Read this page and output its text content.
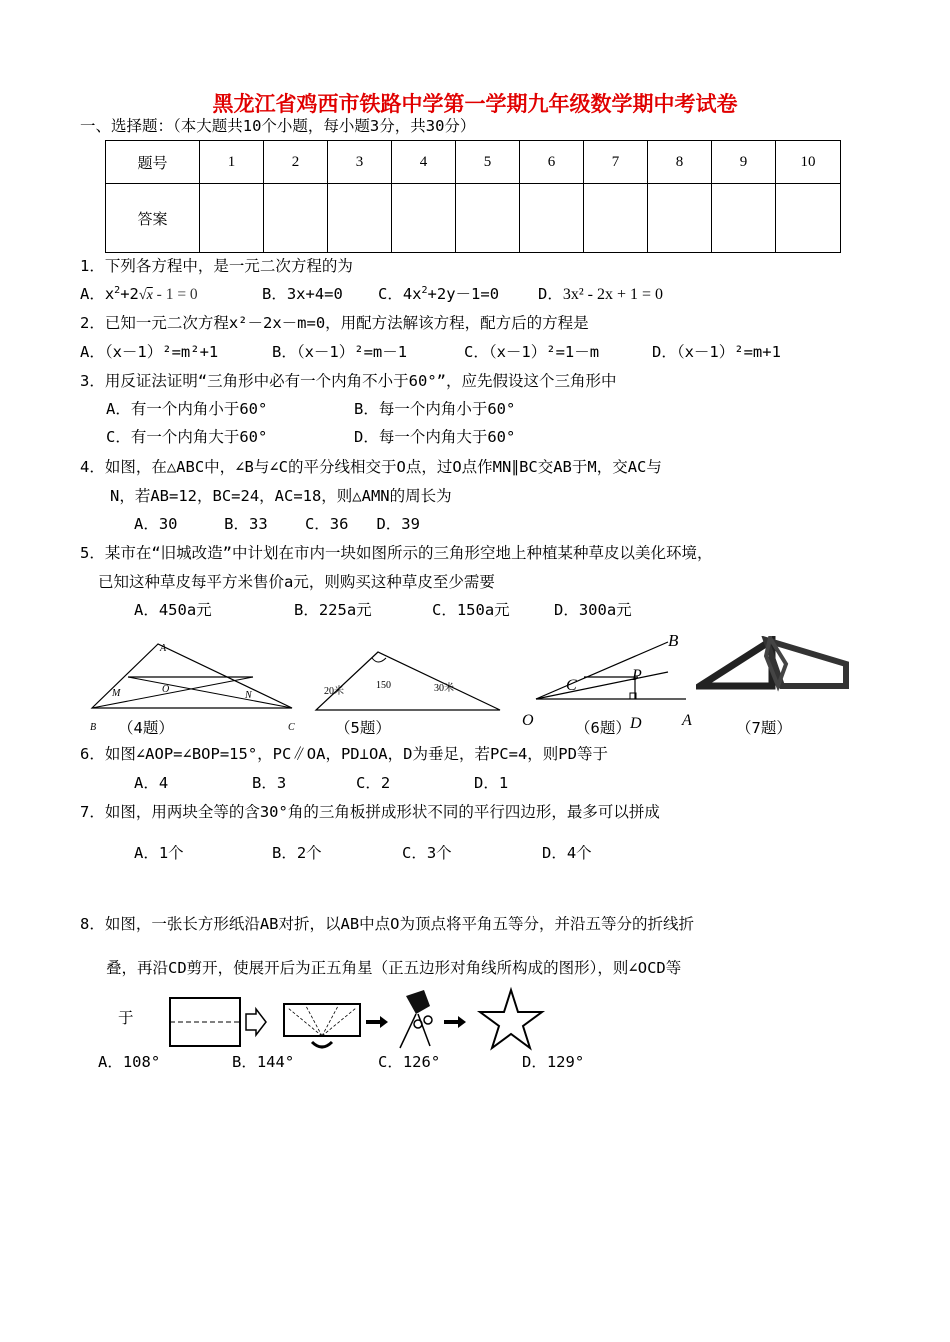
黑龙江省鸡西市铁路中学第一学期九年级数学期中考试卷
一、选择题：（本大题共10个小题，每小题3分，共30分）
题号	1	2	3	4	5	6	7	8	9	10
答案										
1．下列各方程中，是一元二次方程的为
A．$x^2+2√x - 1 = 0$	B．3x+4=0 C．$4x^2+2y-1=0$	D．3x² - 2x + 1 = 0
2．已知一元二次方程x²－2x－m=0，用配方法解该方程，配方后的方程是
A．（x－1）²=m²+1	B．（x－1）²=m－1	C．（x－1）²=1－m	D．（x－1）²=m+1
3．用反证法证明“三角形中必有一个内角不小于60°”，应先假设这个三角形中
A．有一个内角小于60°	B．每一个内角小于60°
C．有一个内角大于60°	D．每一个内角大于60°
4．如图，在△ABC中，∠B与∠C的平分线相交于O点，过O点作MN∥BC交AB于M，交AC与
N，若AB=12，BC=24，AC=18，则△AMN的周长为
A．30     B．33    C．36   D．39
5．某市在“旧城改造”中计划在市内一块如图所示的三角形空地上种植某种草皮以美化环境，
已知这种草皮每平方米售价a元，则购买这种草皮至少需要
A．450a元	B．225a元	C．150a元	D．300a元
A
M	O
N
B	C
（4题）
20米
150	30米
（5题）
B
P
C
O	D	A
（6题）	（7题）
6．如图∠AOP=∠BOP=15°，PC∥OA，PD⊥OA，D为垂足，若PC=4，则PD等于
A．4	B．3	C．2	D．1
7．如图，用两块全等的含30°角的三角板拼成形状不同的平行四边形，最多可以拼成
A．1个	B．2个	C．3个	D．4个
8．如图，一张长方形纸沿AB对折，以AB中点O为顶点将平角五等分，并沿五等分的折线折
叠，再沿CD剪开，使展开后为正五角星（正五边形对角线所构成的图形），则∠OCD等
于
A．108°	B．144°	C．126°	D．129°
